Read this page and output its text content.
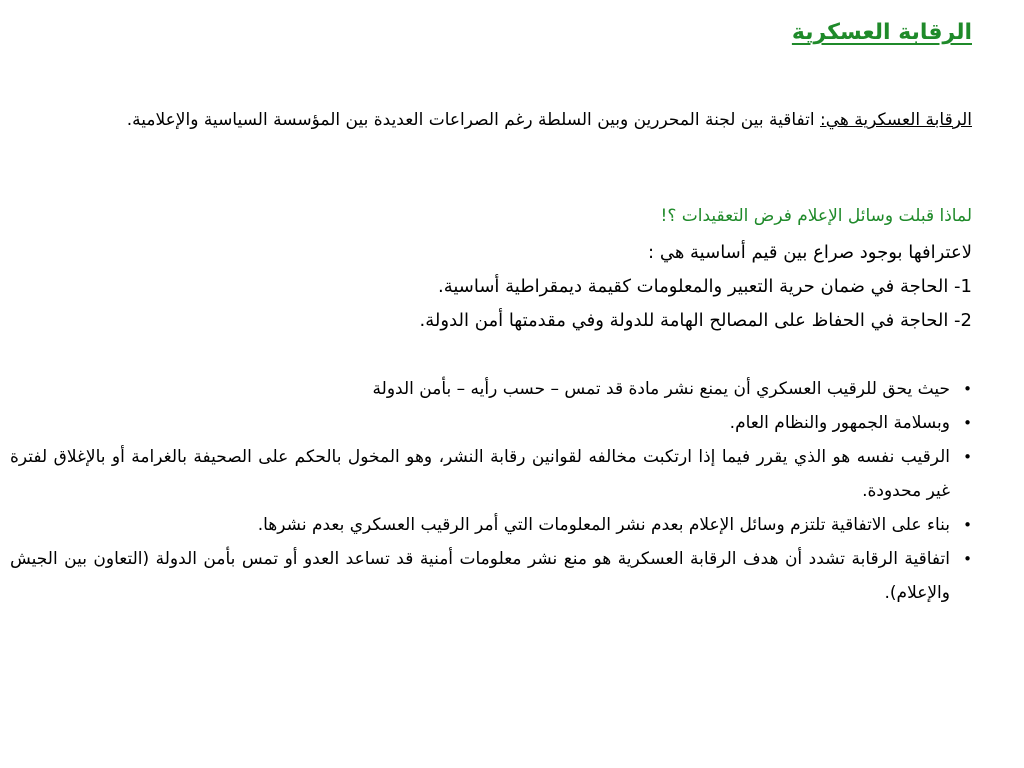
الرقابة العسكرية

الرقابة العسكرية هي: اتفاقية بين لجنة المحررين وبين السلطة رغم الصراعات العديدة بين المؤسسة السياسية والإعلامية.

لماذا قبلت وسائل الإعلام فرض التعقيدات ؟!

لاعترافها بوجود صراع بين قيم أساسية هي :
1- الحاجة في ضمان حرية التعبير والمعلومات كقيمة ديمقراطية أساسية.
2- الحاجة في الحفاظ على المصالح الهامة للدولة وفي مقدمتها أمن الدولة.
•
حيث يحق للرقيب العسكري أن يمنع نشر مادة قد تمس – حسب رأيه – بأمن الدولة
•
وبسلامة الجمهور والنظام العام.
•
الرقيب نفسه هو الذي يقرر فيما إذا ارتكبت مخالفه لقوانين رقابة النشر، وهو المخول بالحكم على الصحيفة بالغرامة أو بالإغلاق لفترة غير محدودة.
•
بناء على الاتفاقية تلتزم وسائل الإعلام بعدم نشر المعلومات التي أمر الرقيب العسكري بعدم نشرها.
•
اتفاقية الرقابة تشدد أن هدف الرقابة العسكرية هو منع نشر معلومات أمنية قد تساعد العدو أو تمس بأمن الدولة (التعاون بين الجيش والإعلام).
